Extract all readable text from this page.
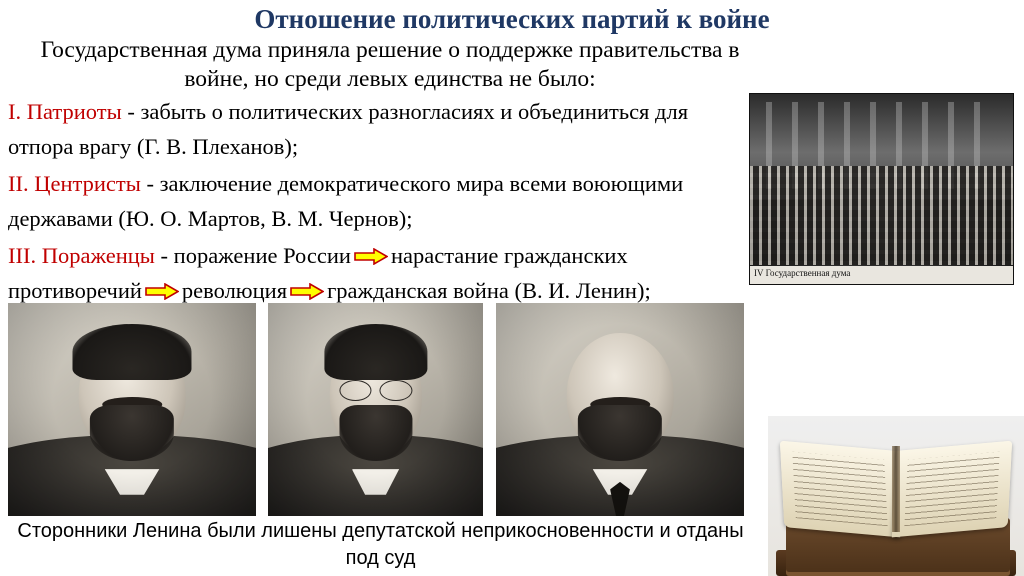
Отношение политических партий к войне
Государственная дума приняла решение о поддержке правительства в войне, но среди левых единства не было:
I. Патриоты - забыть о политических разногласиях и объединиться для отпора врагу (Г. В. Плеханов);
II. Центристы - заключение демократического мира всеми воюющими державами (Ю. О. Мартов, В. М. Чернов);
III. Пораженцы - поражение России нарастание гражданских противоречий революция гражданская война (В. И. Ленин);
IV Государственная дума
Сторонники Ленина были лишены депутатской неприкосновенности и отданы под суд
